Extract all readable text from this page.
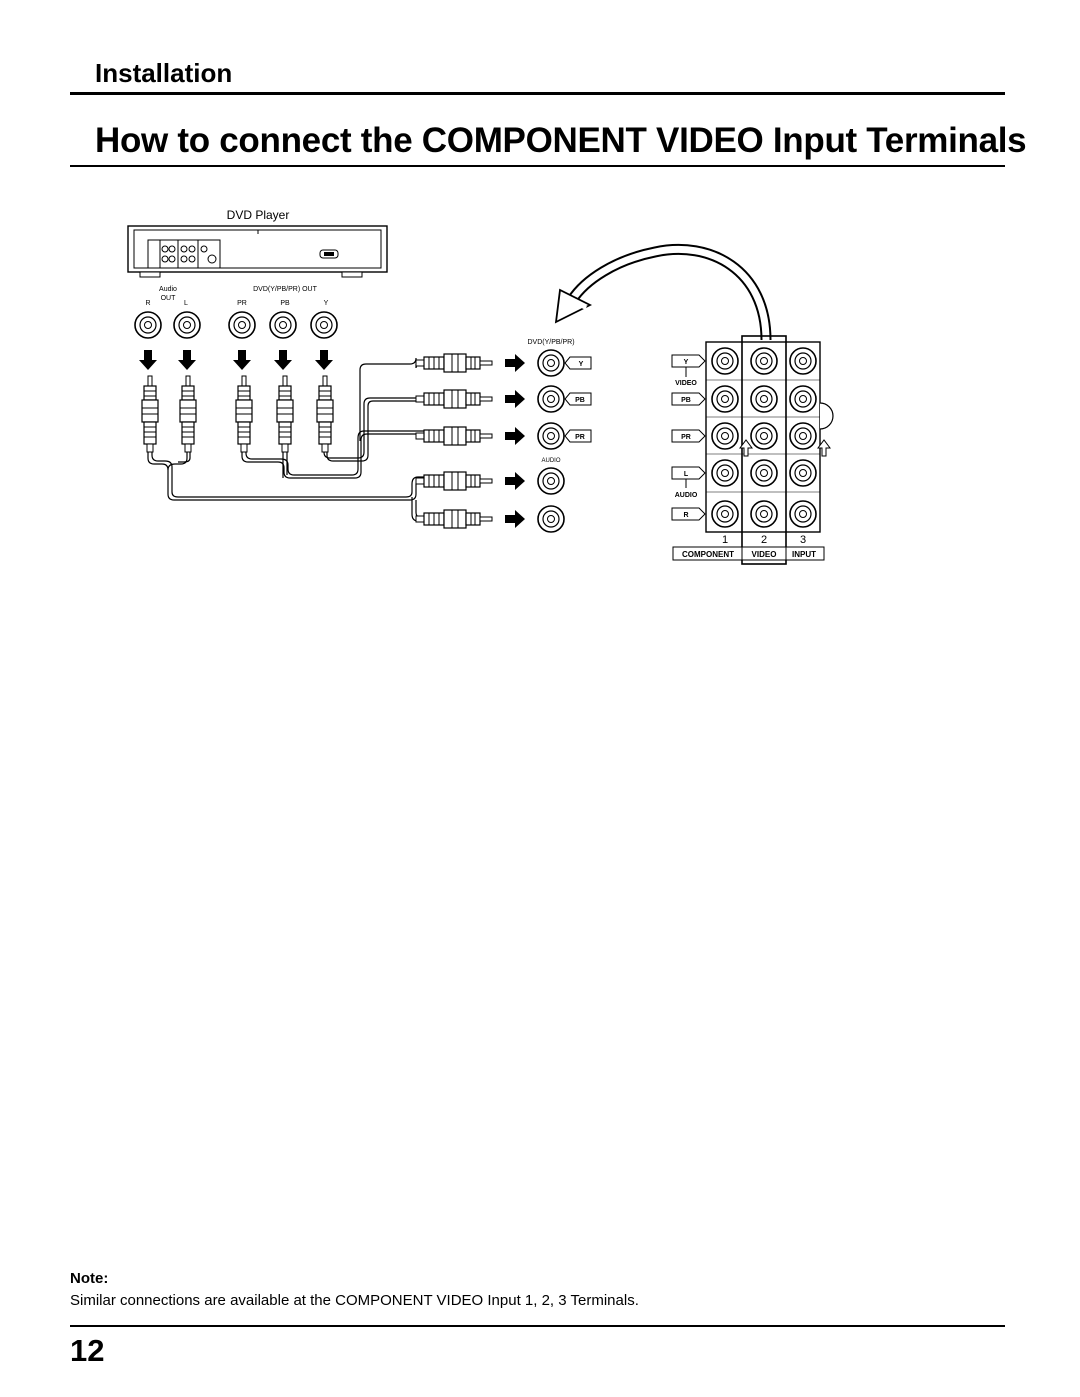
Installation
How to connect the COMPONENT VIDEO Input Terminals
DVD Player
Audio
OUT
R	L
DVD(Y/PB/PR) OUT
PR	PB	Y
DVD(Y/PB/PR)
AUDIO
Y
PB
PR
Y
VIDEO
PB
PR
L
AUDIO
R
1	2	3
COMPONENT VIDEO INPUT
Note:
Similar connections are available at the COMPONENT VIDEO Input 1, 2, 3 Terminals.
12
